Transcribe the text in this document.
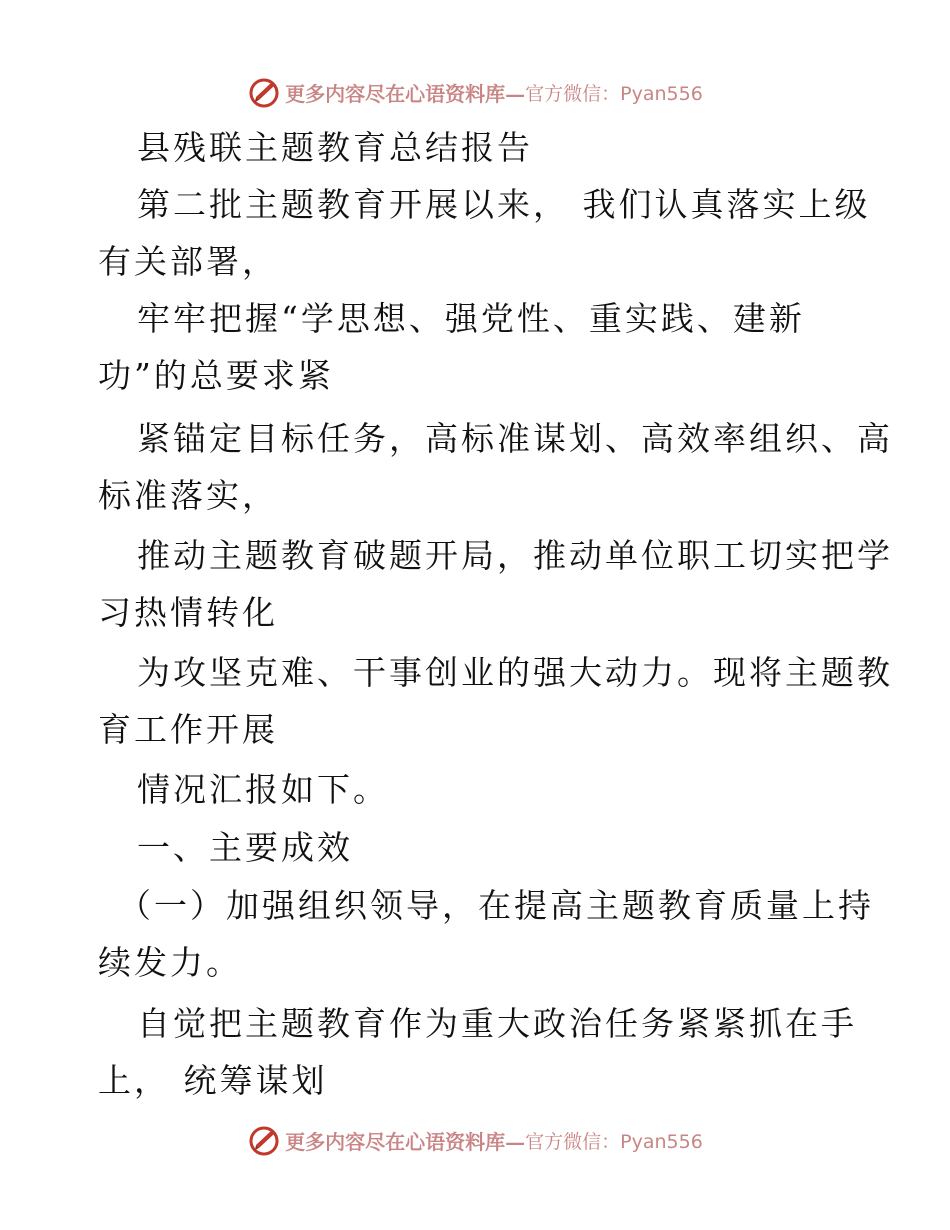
更多内容尽在心语资料库— 官方微信：Pyan556
县残联主题教育总结报告
第二批主题教育开展以来， 我们认真落实上级
有关部署，
牢牢把握“学思想、强党性、重实践、建新
功”的总要求紧
紧锚定目标任务，高标准谋划、高效率组织、高
标准落实，
推动主题教育破题开局，推动单位职工切实把学
习热情转化
为攻坚克难、干事创业的强大动力。现将主题教
育工作开展
情况汇报如下。
一、主要成效
（一）加强组织领导，在提高主题教育质量上持
续发力。
自觉把主题教育作为重大政治任务紧紧抓在手
上， 统筹谋划
更多内容尽在心语资料库— 官方微信：Pyan556
